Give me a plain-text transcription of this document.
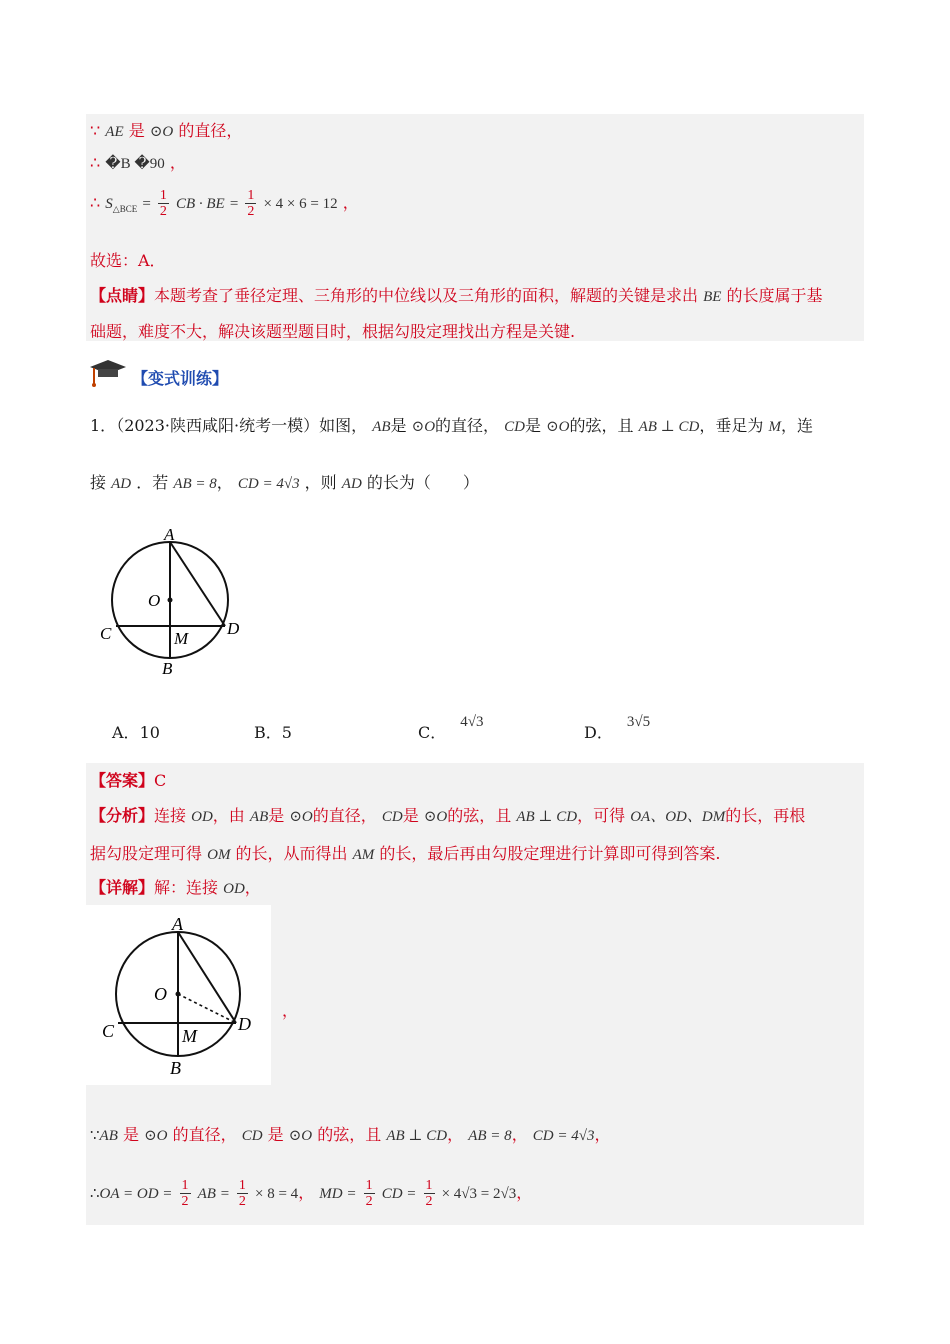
∵ AE 是 ⊙O 的直径，
∴ �B �90 ，
∴ $S_{\triangle BCE} = \frac{1}{2}$ CB · BE = $\frac{1}{2} \times 4 \times 6 = 12$ ，
故选：A．
【点睛】本题考查了垂径定理、三角形的中位线以及三角形的面积，解题的关键是求出 BE 的长度属于基
础题，难度不大，解决该题型题目时，根据勾股定理找出方程是关键.
【变式训练】
1．（2023·陕西咸阳·统考一模）如图， AB是 ⊙O的直径， CD是 ⊙O的弦，且 AB ⊥ CD，垂足为 M，连
接 AD ．若 AB = 8， CD = 4√3 ，则 AD 的长为（　　）
A
O
C	M
D
B
A．10	B．5	C．4√3
D．3√5
【答案】C
【分析】连接 OD，由 AB是 ⊙O的直径， CD是 ⊙O的弦，且 AB ⊥ CD，可得 OA、OD、DM的长，再根
据勾股定理可得 OM 的长，从而得出 AM 的长，最后再由勾股定理进行计算即可得到答案.
【详解】解：连接 OD，
A
O
C	M
D
B
，
∵AB 是 ⊙O 的直径， CD 是 ⊙O 的弦，且 AB ⊥ CD， AB = 8， CD = 4√3，
∴OA = OD = $\frac{1}{2}$ AB = $\frac{1}{2} \times 8 = 4$， MD = $\frac{1}{2}$ CD = $\frac{1}{2} \times 4√3 = 2√3$，
